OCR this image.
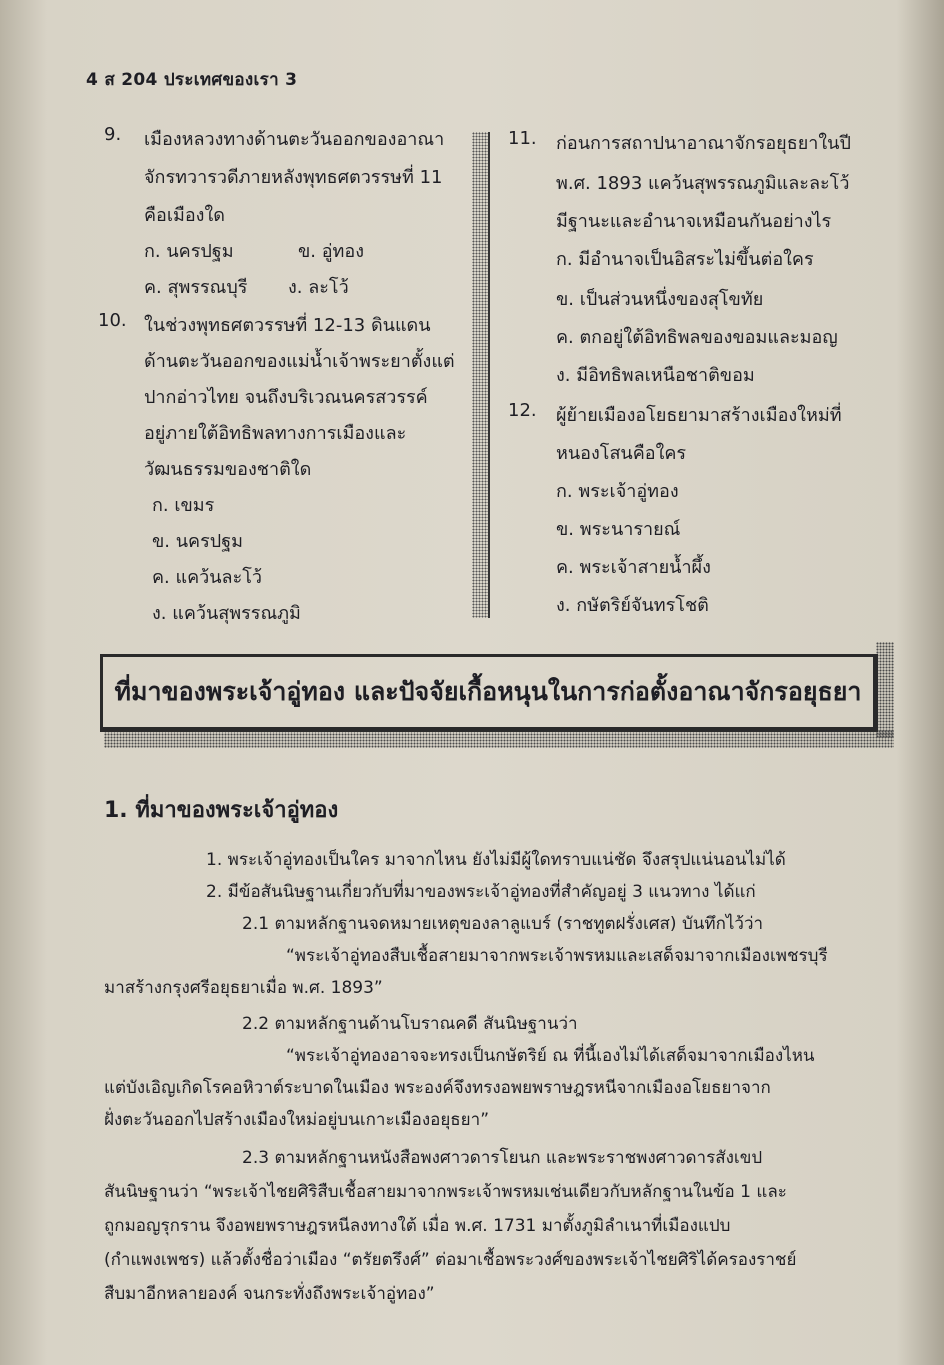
4 ส 204 ประเทศของเรา 3
9. เมืองหลวงทางด้านตะวันออกของอาณา
จักรทวารวดีภายหลังพุทธศตวรรษที่ 11
คือเมืองใด
ก. นครปฐม	ข. อู่ทอง
ค. สุพรรณบุรี ง. ละโว้
10. ในช่วงพุทธศตวรรษที่ 12-13 ดินแดน
ด้านตะวันออกของแม่น้ำเจ้าพระยาตั้งแต่
ปากอ่าวไทย จนถึงบริเวณนครสวรรค์
อยู่ภายใต้อิทธิพลทางการเมืองและ
วัฒนธรรมของชาติใด
ก. เขมร
ข. นครปฐม
ค. แคว้นละโว้
ง. แคว้นสุพรรณภูมิ
11. ก่อนการสถาปนาอาณาจักรอยุธยาในปี
พ.ศ. 1893 แคว้นสุพรรณภูมิและละโว้
มีฐานะและอำนาจเหมือนกันอย่างไร
ก. มีอำนาจเป็นอิสระไม่ขึ้นต่อใคร
ข. เป็นส่วนหนึ่งของสุโขทัย
ค. ตกอยู่ใต้อิทธิพลของขอมและมอญ
ง. มีอิทธิพลเหนือชาติขอม
12. ผู้ย้ายเมืองอโยธยามาสร้างเมืองใหม่ที่
หนองโสนคือใคร
ก. พระเจ้าอู่ทอง
ข. พระนารายณ์
ค. พระเจ้าสายน้ำผึ้ง
ง. กษัตริย์จันทรโชติ
ที่มาของพระเจ้าอู่ทอง และปัจจัยเกื้อหนุนในการก่อตั้งอาณาจักรอยุธยา
1. ที่มาของพระเจ้าอู่ทอง
1. พระเจ้าอู่ทองเป็นใคร มาจากไหน ยังไม่มีผู้ใดทราบแน่ชัด จึงสรุปแน่นอนไม่ได้
2. มีข้อสันนิษฐานเกี่ยวกับที่มาของพระเจ้าอู่ทองที่สำคัญอยู่ 3 แนวทาง ได้แก่
2.1 ตามหลักฐานจดหมายเหตุของลาลูแบร์ (ราชทูตฝรั่งเศส) บันทึกไว้ว่า
“พระเจ้าอู่ทองสืบเชื้อสายมาจากพระเจ้าพรหมและเสด็จมาจากเมืองเพชรบุรี
มาสร้างกรุงศรีอยุธยาเมื่อ พ.ศ. 1893”
2.2 ตามหลักฐานด้านโบราณคดี สันนิษฐานว่า
“พระเจ้าอู่ทองอาจจะทรงเป็นกษัตริย์ ณ ที่นี้เองไม่ได้เสด็จมาจากเมืองไหน
แต่บังเอิญเกิดโรคอหิวาต์ระบาดในเมือง พระองค์จึงทรงอพยพราษฎรหนีจากเมืองอโยธยาจาก
ฝั่งตะวันออกไปสร้างเมืองใหม่อยู่บนเกาะเมืองอยุธยา”
2.3 ตามหลักฐานหนังสือพงศาวดารโยนก และพระราชพงศาวดารสังเขป
สันนิษฐานว่า “พระเจ้าไชยศิริสืบเชื้อสายมาจากพระเจ้าพรหมเช่นเดียวกับหลักฐานในข้อ 1 และ
ถูกมอญรุกราน จึงอพยพราษฎรหนีลงทางใต้ เมื่อ พ.ศ. 1731 มาตั้งภูมิลำเนาที่เมืองแปบ
(กำแพงเพชร) แล้วตั้งชื่อว่าเมือง “ตรัยตรึงศ์” ต่อมาเชื้อพระวงศ์ของพระเจ้าไชยศิริได้ครองราชย์
สืบมาอีกหลายองค์ จนกระทั่งถึงพระเจ้าอู่ทอง”
